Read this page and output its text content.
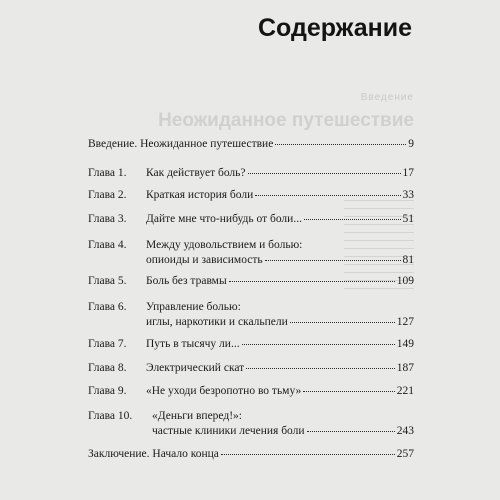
Введение
Неожиданное путешествие
Содержание
Введение. Неожиданное путешествие	9
Глава 1. Как действует боль?	17
Глава 2. Краткая история боли	33
Глава 3. Дайте мне что-нибудь от боли...	51
Глава 4. Между удовольствием и болью:
опиоиды и зависимость	81
Глава 5. Боль без травмы	109
Глава 6. Управление болью:
иглы, наркотики и скальпели	127
Глава 7. Путь в тысячу ли...	149
Глава 8. Электрический скат	187
Глава 9. «Не уходи безропотно во тьму»	221
Глава 10. «Деньги вперед!»:
частные клиники лечения боли	243
Заключение. Начало конца	257
